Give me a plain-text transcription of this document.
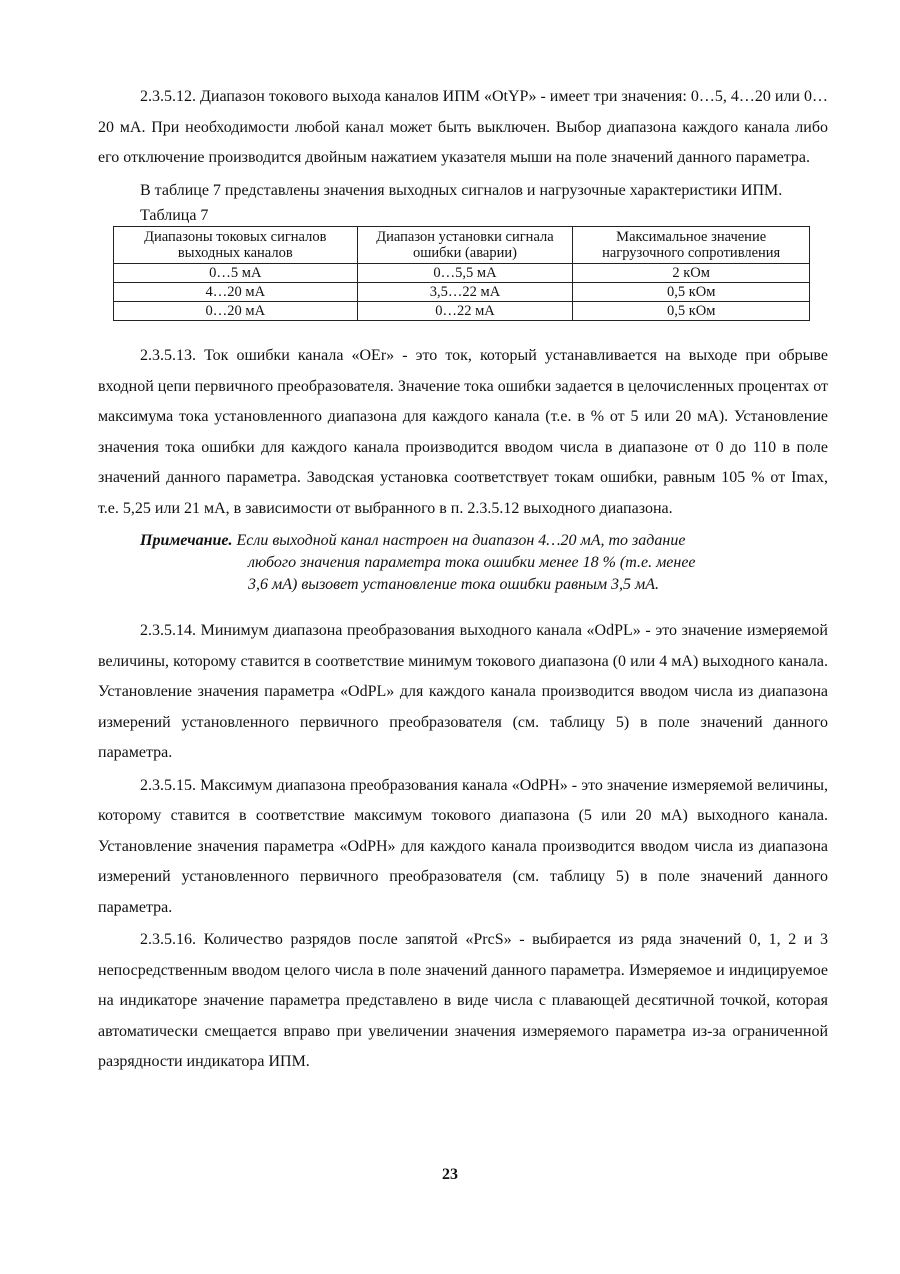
2.3.5.12. Диапазон токового выхода каналов ИПМ «OtYP» - имеет три значения: 0…5, 4…20 или 0…20 мА. При необходимости любой канал может быть выключен. Выбор диапазона каждого канала либо его отключение производится двойным нажатием указателя мыши на поле значений данного параметра.

В таблице 7 представлены значения выходных сигналов и нагрузочные характеристики ИПМ.

Таблица 7

Диапазоны токовых сигналов выходных каналов	Диапазон установки сигнала ошибки (аварии)	Максимальное значение нагрузочного сопротивления
0…5 мА	0…5,5 мА	2 кОм
4…20 мА	3,5…22 мА	0,5 кОм
0…20 мА	0…22 мА	0,5 кОм

2.3.5.13. Ток ошибки канала «OEr» - это ток, который устанавливается на выходе при обрыве входной цепи первичного преобразователя. Значение тока ошибки задается в целочисленных процентах от максимума тока установленного диапазона для каждого канала (т.е. в % от 5 или 20 мА). Установление значения тока ошибки для каждого канала производится вводом числа в диапазоне от 0 до 110 в поле значений данного параметра. Заводская установка соответствует токам ошибки, равным 105 % от Imax, т.е. 5,25 или 21 мА, в зависимости от выбранного в п. 2.3.5.12 выходного диапазона.

Примечание. Если выходной канал настроен на диапазон 4…20 мА, то задание
любого значения параметра тока ошибки менее 18 % (т.е. менее
3,6 мА) вызовет установление тока ошибки равным 3,5 мА.

2.3.5.14. Минимум диапазона преобразования выходного канала «OdPL» - это значение измеряемой величины, которому ставится в соответствие минимум токового диапазона (0 или 4 мА) выходного канала. Установление значения параметра «OdPL» для каждого канала производится вводом числа из диапазона измерений установленного первичного преобразователя (см. таблицу 5) в поле значений данного параметра.

2.3.5.15. Максимум диапазона преобразования канала «OdPH» - это значение измеряемой величины, которому ставится в соответствие максимум токового диапазона (5 или 20 мА) выходного канала. Установление значения параметра «OdPH» для каждого канала производится вводом числа из диапазона измерений установленного первичного преобразователя (см. таблицу 5) в поле значений данного параметра.

2.3.5.16. Количество разрядов после запятой «PrcS» - выбирается из ряда значений 0, 1, 2 и 3 непосредственным вводом целого числа в поле значений данного параметра. Измеряемое и индицируемое на индикаторе значение параметра представлено в виде числа с плавающей десятичной точкой, которая автоматически смещается вправо при увеличении значения измеряемого параметра из-за ограниченной разрядности индикатора ИПМ.

23
